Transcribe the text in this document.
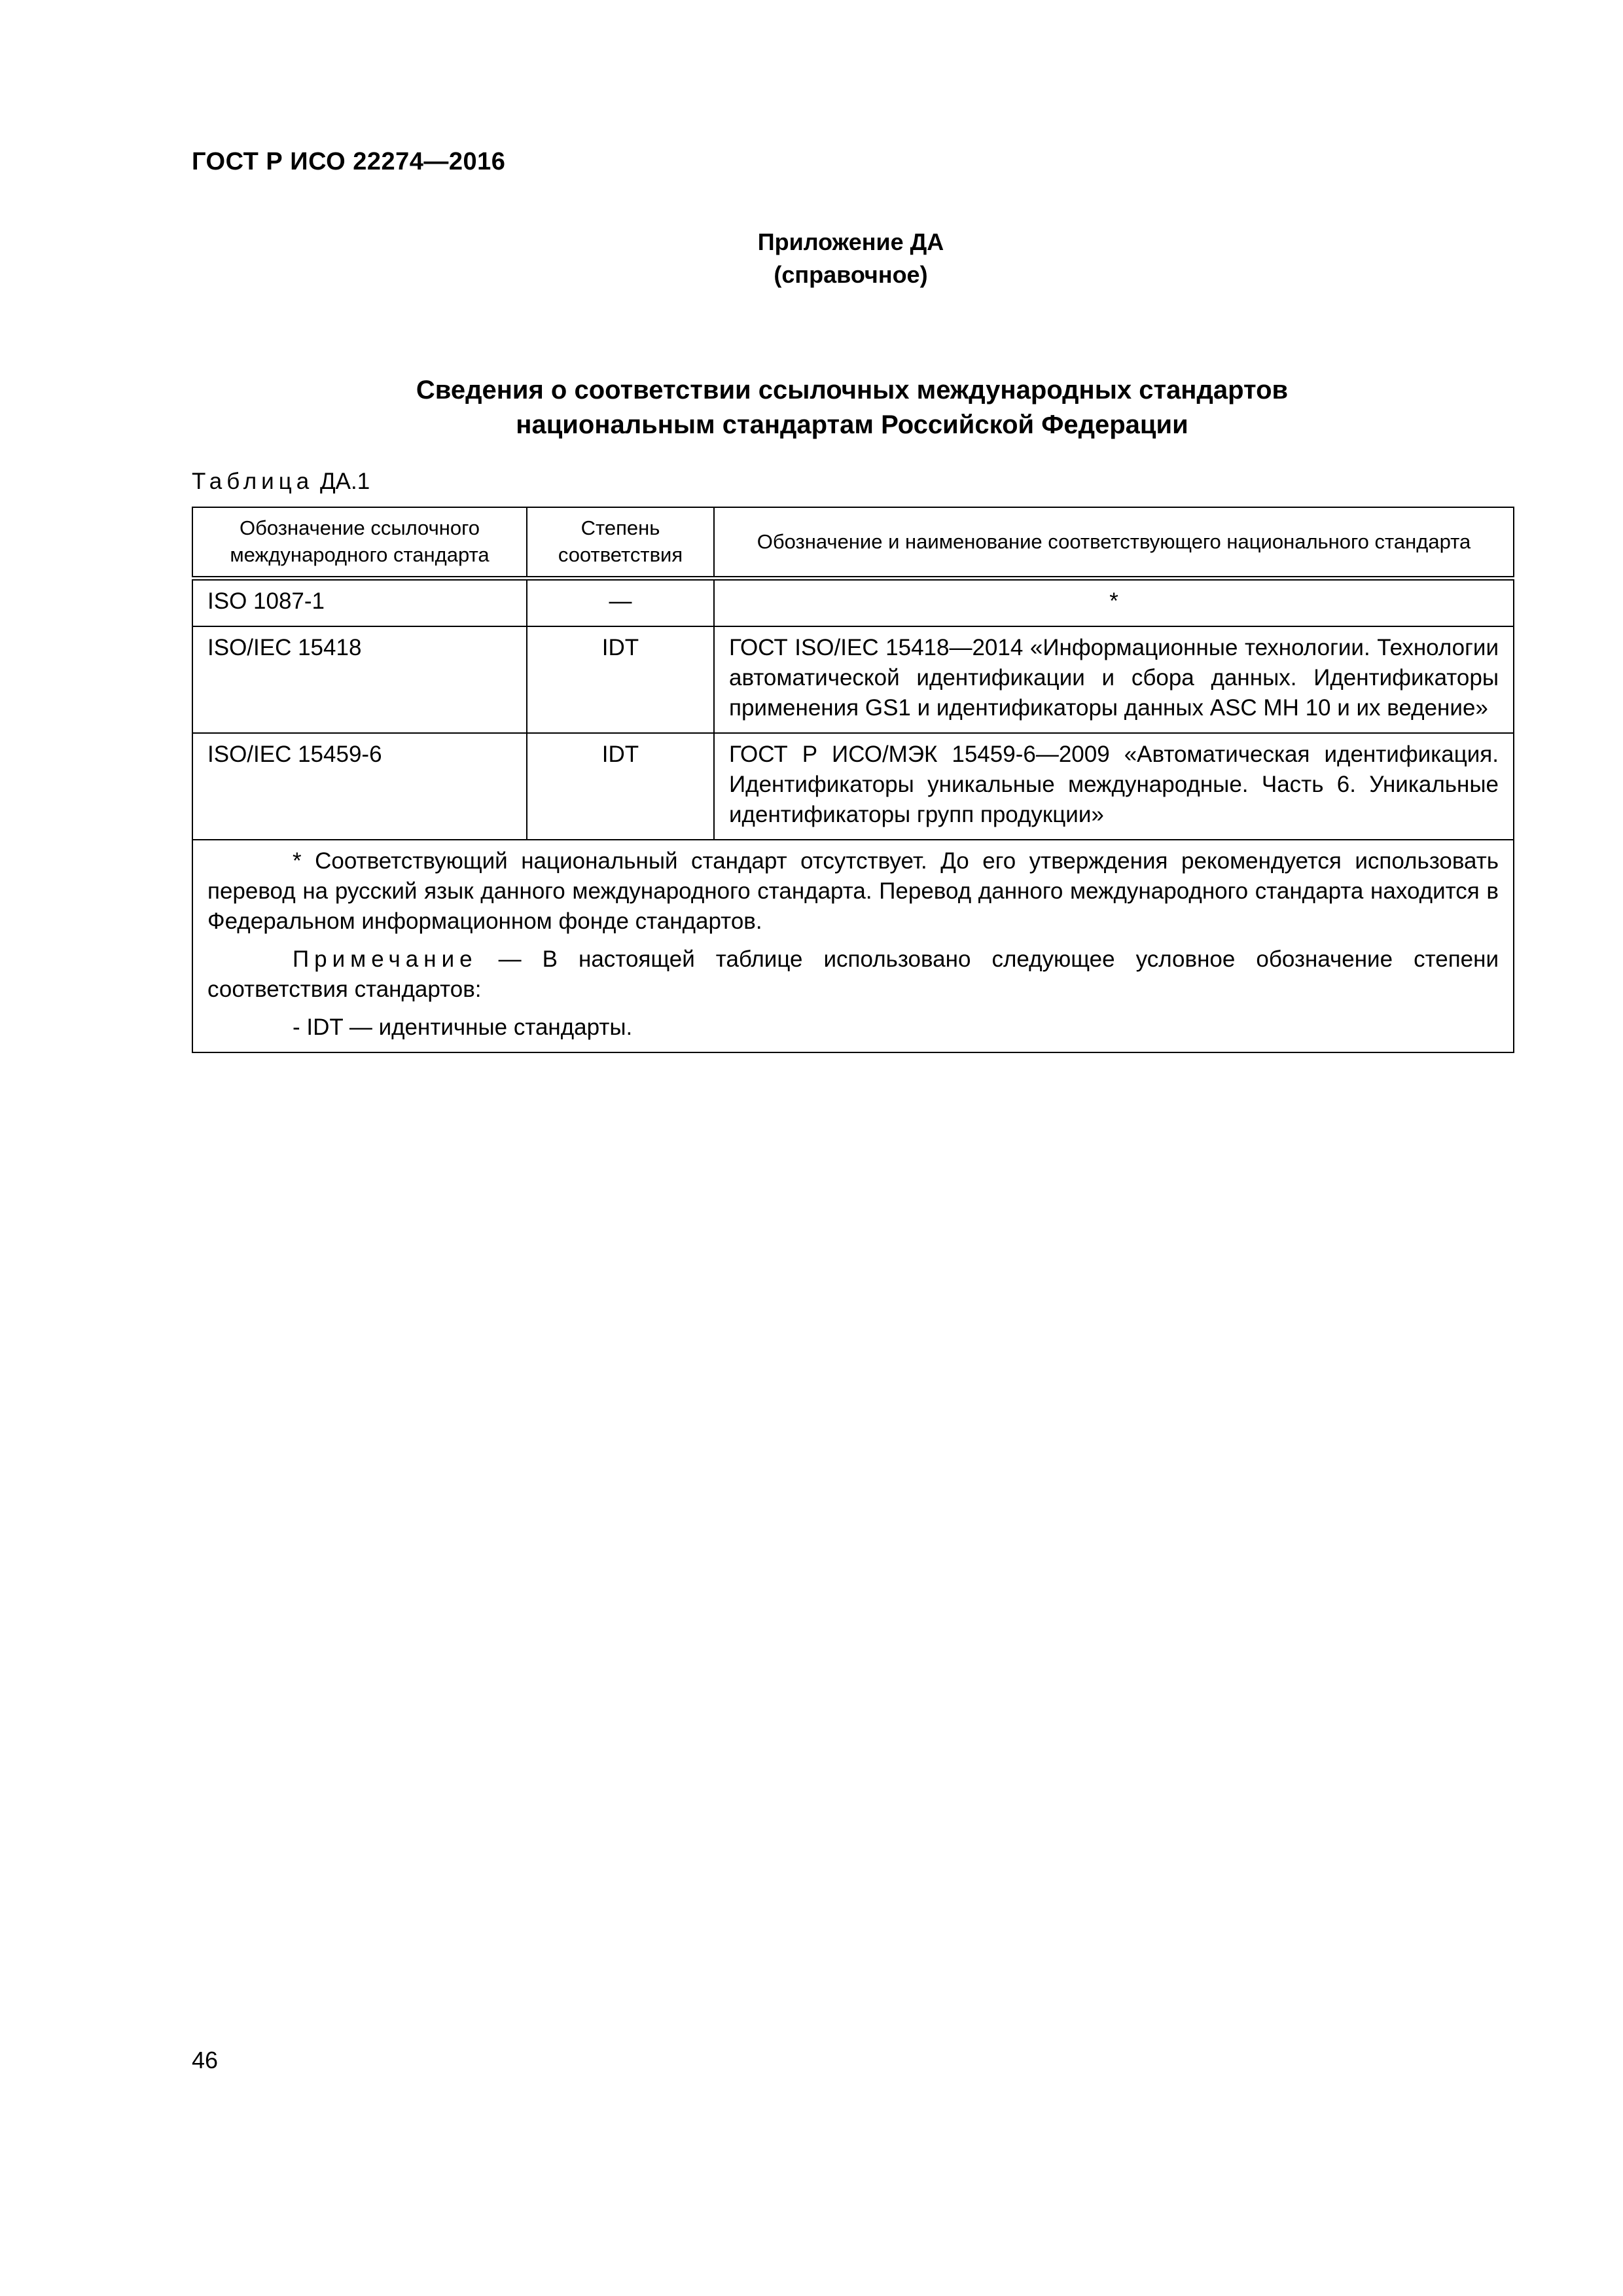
ГОСТ Р ИСО 22274—2016
Приложение ДА
(справочное)
Сведения о соответствии ссылочных международных стандартов
национальным стандартам Российской Федерации
Таблица ДА.1
Обозначение ссылочного международного стандарта	Степень соответствия	Обозначение и наименование соответствующего национального стандарта
ISO 1087-1	—	*
ISO/IEC 15418	IDT	ГОСТ ISO/IEC 15418—2014 «Информационные технологии. Технологии автоматической идентификации и сбора данных. Идентификаторы применения GS1 и идентификаторы данных ASC MH 10 и их ведение»
ISO/IEC 15459-6	IDT	ГОСТ Р ИСО/МЭК 15459-6—2009 «Автоматическая идентификация. Идентификаторы уникальные международные. Часть 6. Уникальные идентификаторы групп продукции»

* Соответствующий национальный стандарт отсутствует. До его утверждения рекомендуется использовать перевод на русский язык данного международного стандарта. Перевод данного международного стандарта находится в Федеральном информационном фонде стандартов.
Примечание — В настоящей таблице использовано следующее условное обозначение степени соответствия стандартов:
- IDT — идентичные стандарты.		
46
